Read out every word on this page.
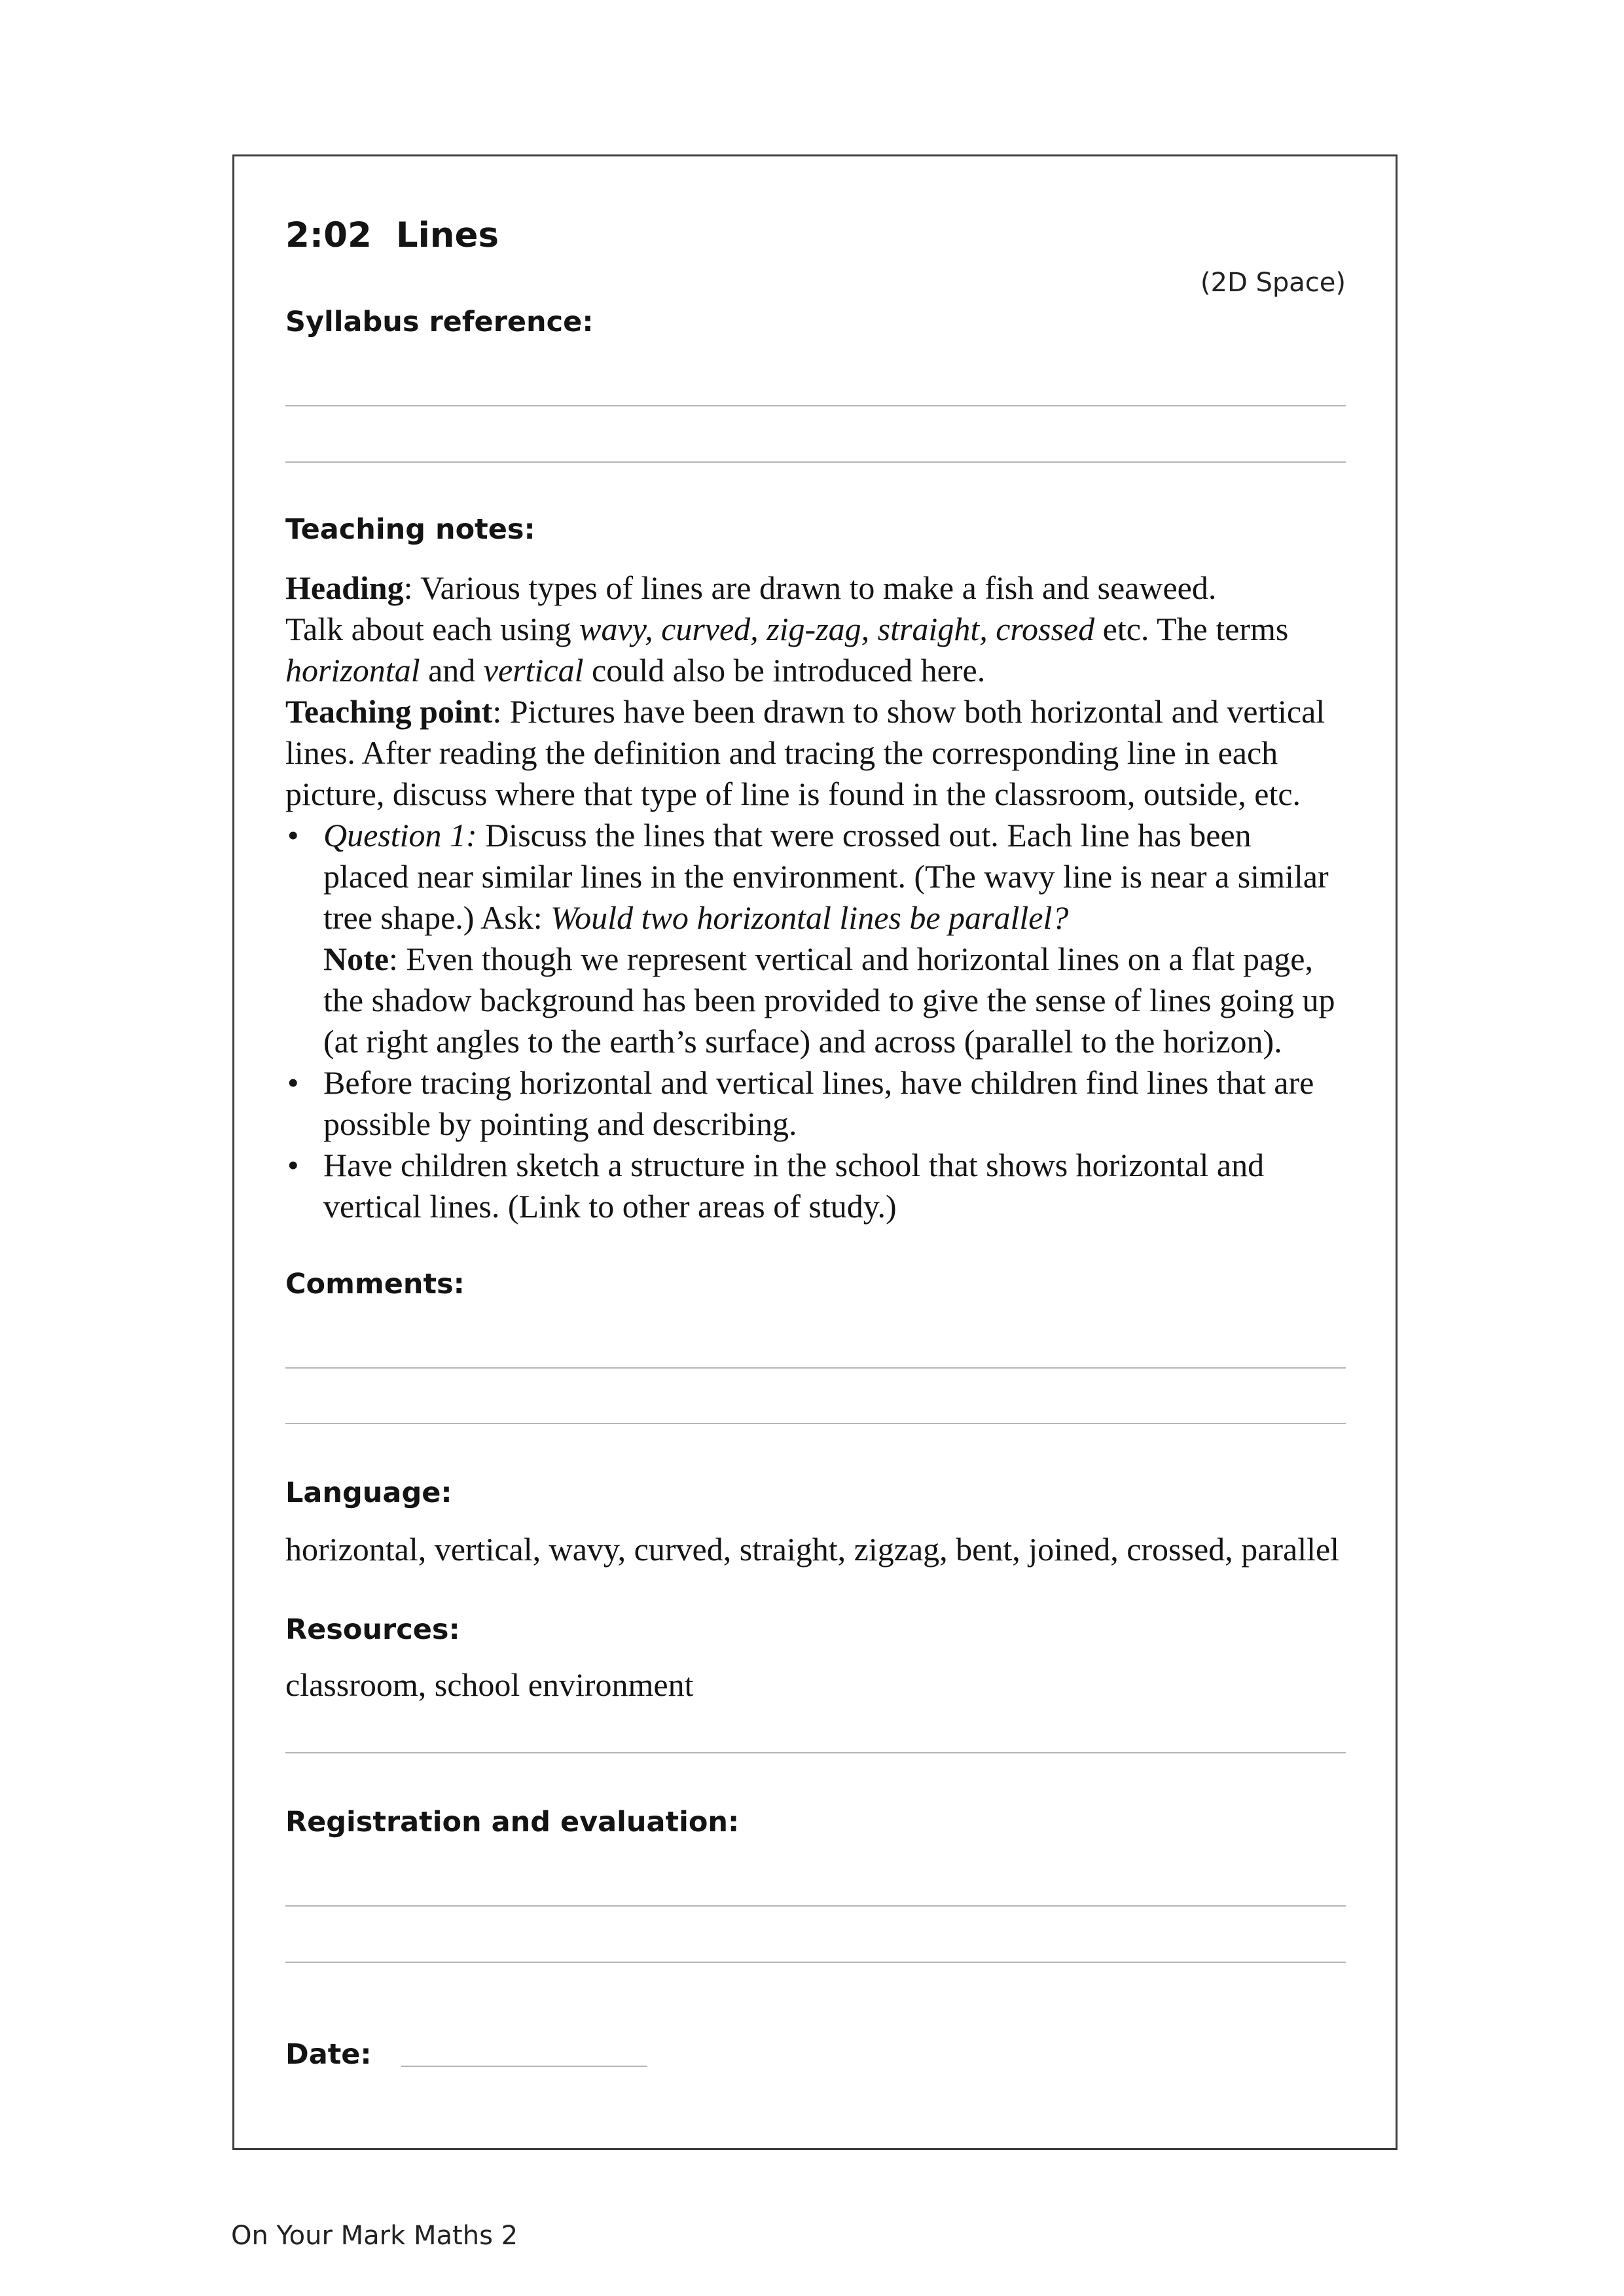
2:02 Lines
(2D Space)
Syllabus reference:
Teaching notes:
Heading: Various types of lines are drawn to make a fish and seaweed.
Talk about each using wavy, curved, zig-zag, straight, crossed etc. The terms
horizontal and vertical could also be introduced here.
Teaching point: Pictures have been drawn to show both horizontal and vertical
lines. After reading the definition and tracing the corresponding line in each
picture, discuss where that type of line is found in the classroom, outside, etc.
• Question 1: Discuss the lines that were crossed out. Each line has been
placed near similar lines in the environment. (The wavy line is near a similar
tree shape.) Ask: Would two horizontal lines be parallel?
Note: Even though we represent vertical and horizontal lines on a flat page,
the shadow background has been provided to give the sense of lines going up
(at right angles to the earth’s surface) and across (parallel to the horizon).
• Before tracing horizontal and vertical lines, have children find lines that are
possible by pointing and describing.
• Have children sketch a structure in the school that shows horizontal and
vertical lines. (Link to other areas of study.)
Comments:
Language:
horizontal, vertical, wavy, curved, straight, zigzag, bent, joined, crossed, parallel
Resources:
classroom, school environment
Registration and evaluation:
Date:
On Your Mark Maths 2
